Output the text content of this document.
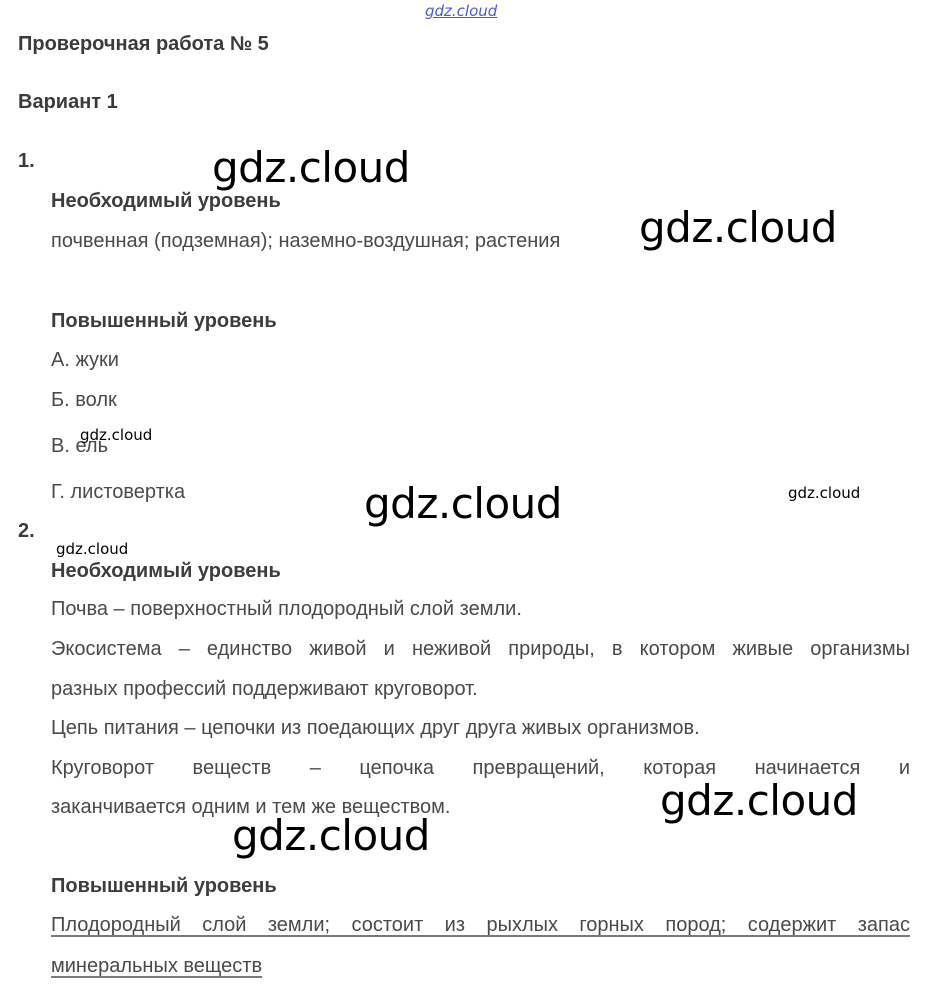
gdz.cloud
Проверочная работа № 5
Вариант 1
1.
Необходимый уровень
почвенная (подземная); наземно-воздушная; растения
Повышенный уровень
А. жуки
Б. волк
В. ель
Г. листовертка
2.
Необходимый уровень
Почва – поверхностный плодородный слой земли.
Экосистема – единство живой и неживой природы, в котором живые организмы
разных профессий поддерживают круговорот.
Цепь питания – цепочки из поедающих друг друга живых организмов.
Круговорот веществ – цепочка превращений, которая начинается и
заканчивается одним и тем же веществом.
Повышенный уровень
Плодородный слой земли; состоит из рыхлых горных пород; содержит запас
минеральных веществ
gdz.cloud
gdz.cloud
gdz.cloud
gdz.cloud	gdz.cloud
gdz.cloud
gdz.cloud
gdz.cloud
